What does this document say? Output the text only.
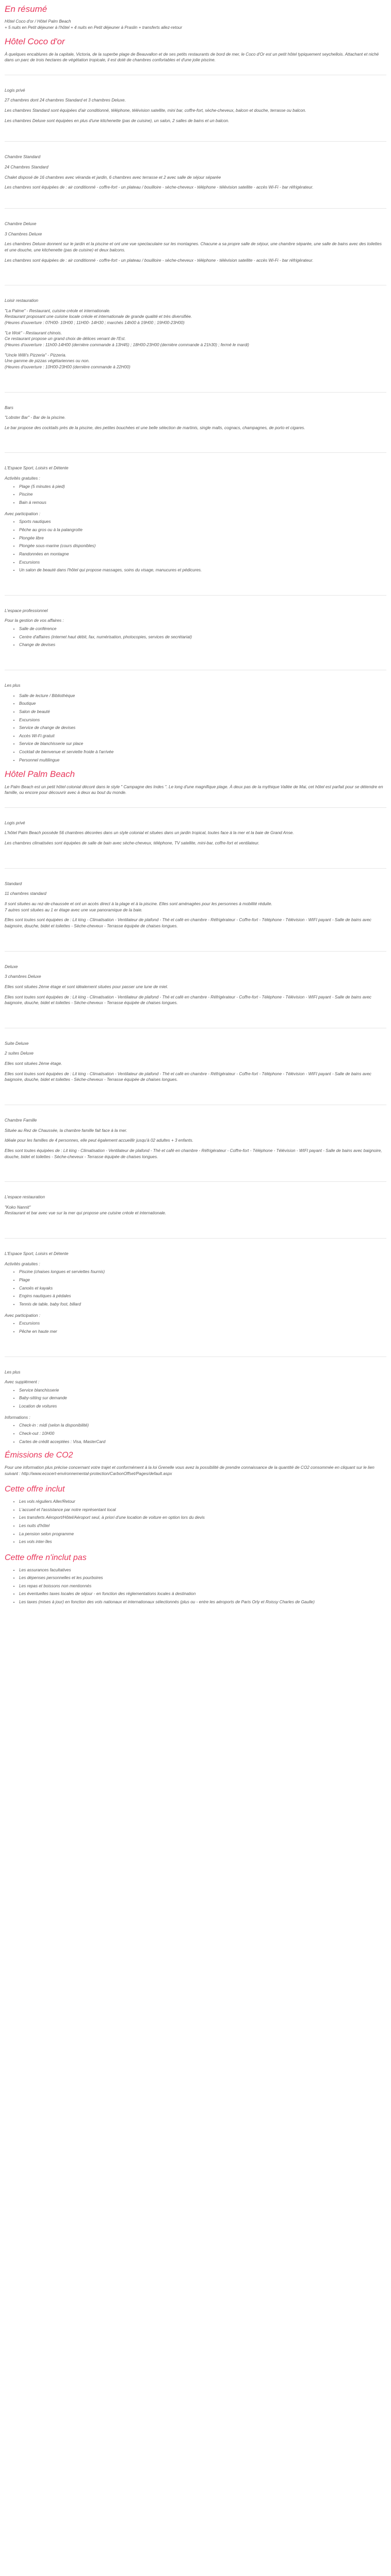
En résumé
Hôtel Coco d'or / Hôtel Palm Beach
+ 5 nuits en Petit déjeuner à l'hôtel + 4 nuits en Petit déjeuner à Praslin + transferts allez-retour
Hôtel Coco d'or

À quelques encablures de la capitale, Victoria, de la superbe plage de Beauvallon et de ses petits restaurants de bord de mer, le Coco d'Or est un petit hôtel typiquement seychellois. Attachant et niché dans un parc de trois hectares de végétation tropicale, il est doté de chambres confortables et d'une jolie piscine.

Logis privé

27 chambres dont 24 chambres Standard et 3 chambres Deluxe.

Les chambres Standard sont équipées d'air conditionné, téléphone, télévision satellite, mini bar, coffre-fort, sèche-cheveux, balcon et douche, terrasse ou balcon.

Les chambres Deluxe sont équipées en plus d'une kitchenette (pas de cuisine), un salon, 2 salles de bains et un balcon.

Chambre Standard

24 Chambres Standard

Chalet disposé de 16 chambres avec véranda et jardin, 6 chambres avec terrasse et 2 avec salle de séjour séparée

Les chambres sont équipées de : air conditionné - coffre-fort - un plateau / bouilloire - sèche-cheveux - téléphone - télévision satellite - accès Wi-Fi - bar réfrigérateur.

Chambre Deluxe

3 Chambres Deluxe

Les chambres Deluxe donnent sur le jardin et la piscine et ont une vue spectaculaire sur les montagnes. Chacune a sa propre salle de séjour, une chambre séparée, une salle de bains avec des toilettes et une douche, une kitchenette (pas de cuisine) et deux balcons.

Les chambres sont équipées de : air conditionné - coffre-fort - un plateau / bouilloire - sèche-cheveux - téléphone - télévision satellite - accès Wi-Fi - bar réfrigérateur.

Loisir restauration

"La Palme" - Restaurant, cuisine créole et internationale.
Restaurant proposant une cuisine locale créole et internationale de grande qualité et très diversifiée.

(Heures d'ouverture : 07H00- 10H00 ; 11H00- 14H30 ; marchés 14h00 à 19H00 ; 19H00-23H00)

"Le Wok" - Restaurant chinois.
Ce restaurant propose un grand choix de délices venant de l'Est.

(Heures d'ouverture : 11h00-14H00 (dernière commande à 13H45) ; 18H00-23H00 (dernière commande à 21h30) ; fermé le mardi)

"Uncle Willi's Pizzeria" - Pizzeria.
Une gamme de pizzas végétariennes ou non.

(Heures d'ouverture : 10H00-23H00 (dernière commande à 22H00)

Bars

"Lobster Bar" - Bar de la piscine.

Le bar propose des cocktails près de la piscine, des petites bouchées et une belle sélection de martinis, single malts, cognacs, champagnes, de porto et cigares.

L'Espace Sport, Loisirs et Détente

Activités gratuites :
• Plage (5 minutes à pied)
• Piscine
• Bain à remous
Avec participation :
• Sports nautiques
• Pêche au gros ou à la palangrotte
• Plongée libre
• Plongée sous-marine (cours disponibles)
• Randonnées en montagne
• Excursions
• Un salon de beauté dans l'hôtel qui propose massages, soins du visage, manucures et pédicures.

L'espace professionnel

Pour la gestion de vos affaires :
• Salle de conférence
• Centre d'affaires (internet haut débit, fax, numérisation, photocopies, services de secrétariat)
• Change de devises

Les plus

• Salle de lecture / Bibliothèque
• Boutique
• Salon de beauté
• Excursions
• Service de change de devises
• Accès Wi-Fi gratuit
• Service de blanchisserie sur place
• Cocktail de bienvenue et serviette froide à l'arrivée
• Personnel multilingue
Hôtel Palm Beach

Le Palm Beach est un petit hôtel colonial décoré dans le style " Campagne des Indes ". Le long d'une magnifique plage. À deux pas de la mythique Vallée de Mai, cet hôtel est parfait pour se détendre en famille, ou encore pour découvrir avec à deux au bout du monde.

Logis privé

L'hôtel Palm Beach possède 56 chambres décorées dans un style colonial et situées dans un jardin tropical, toutes face à la mer et la baie de Grand Anse.

Les chambres climatisées sont équipées de salle de bain avec sèche-cheveux, téléphone, TV satellite, mini-bar, coffre-fort et ventilateur.

Standard

11 chambres standard

Il sont situées au rez-de-chaussée et ont un accès direct à la plage et à la piscine. Elles sont aménagées pour les personnes à mobilité réduite.

7 autres sont situées au 1 er étage avec une vue panoramique de la baie.

Elles sont toutes sont équipées de : Lit king - Climatisation - Ventilateur de plafond - Thé et café en chambre - Réfrigérateur - Coffre-fort - Téléphone - Télévision - WIFI payant - Salle de bains avec baignoire, douche, bidet et toilettes - Sèche-cheveux - Terrasse équipée de chaises longues.

Deluxe

3 chambres Deluxe

Elles sont situées 2ème étage et sont idéalement situées pour passer une lune de miel.

Elles sont toutes sont équipées de : Lit king - Climatisation - Ventilateur de plafond - Thé et café en chambre - Réfrigérateur - Coffre-fort - Téléphone - Télévision - WIFI payant - Salle de bains avec baignoire, douche, bidet et toilettes - Sèche-cheveux - Terrasse équipée de chaises longues.

Suite Deluxe

2 suites Deluxe

Elles sont situées 2ème étage.

Elles sont toutes sont équipées de : Lit king - Climatisation - Ventilateur de plafond - Thé et café en chambre - Réfrigérateur - Coffre-fort - Téléphone - Télévision - WIFI payant - Salle de bains avec baignoire, douche, bidet et toilettes - Sèche-cheveux - Terrasse équipée de chaises longues.

Chambre Famille

Située au Rez de Chaussée, la chambre famille fait face à la mer.

Idéale pour les familles de 4 personnes, elle peut également accueillir jusqu'à 02 adultes + 3 enfants.

Elles sont toutes équipées de : Lit king - Climatisation - Ventilateur de plafond - Thé et café en chambre - Réfrigérateur - Coffre-fort - Téléphone - Télévision - WIFI payant - Salle de bains avec baignoire, douche, bidet et toilettes - Sèche-cheveux - Terrasse équipée de chaises longues.

L'espace restauration

"Koko Nannit"

Restaurant et bar avec vue sur la mer qui propose une cuisine créole et internationale.

L'Espace Sport, Loisirs et Détente

Activités gratuites :
• Piscine (chaises longues et serviettes fournis)
• Plage
• Canoës et kayaks
• Engins nautiques à pédales
• Tennis de table, baby foot, billard
Avec participation :
• Excursions
• Pêche en haute mer

Les plus

Avec supplément :
• Service blanchisserie
• Baby-sitting sur demande
• Location de voitures
Informations :
• Check-in : midi (selon la disponibilité)
• Check-out : 10H00
• Cartes de crédit acceptées : Visa, MasterCard
Émissions de CO2

Pour une information plus précise concernant votre trajet et conformément à la loi Grenelle vous avez la possibilité de prendre connaissance de la quantité de CO2 consommée en cliquant sur le lien suivant : http://www.ecocert-environnemental-protection/CarbonOffset/Pages/default.aspx

Cette offre inclut
• Les vols réguliers Aller/Retour
• L'accueil et l'assistance par notre représentant local
• Les transferts Aéroport/Hôtel/Aéroport seul, à priori d'une location de voiture en option lors du devis
• Les nuits d'hôtel
• La pension selon programme
• Les vols inter-îles
Cette offre n'inclut pas
• Les assurances facultatives
• Les dépenses personnelles et les pourboires
• Les repas et boissons non mentionnés
• Les éventuelles taxes locales de séjour - en fonction des réglementations locales à destination
• Les taxes (mises à jour) en fonction des vols nationaux et internationaux sélectionnés (plus ou - entre les aéroports de Paris Orly et Roissy Charles de Gaulle)
